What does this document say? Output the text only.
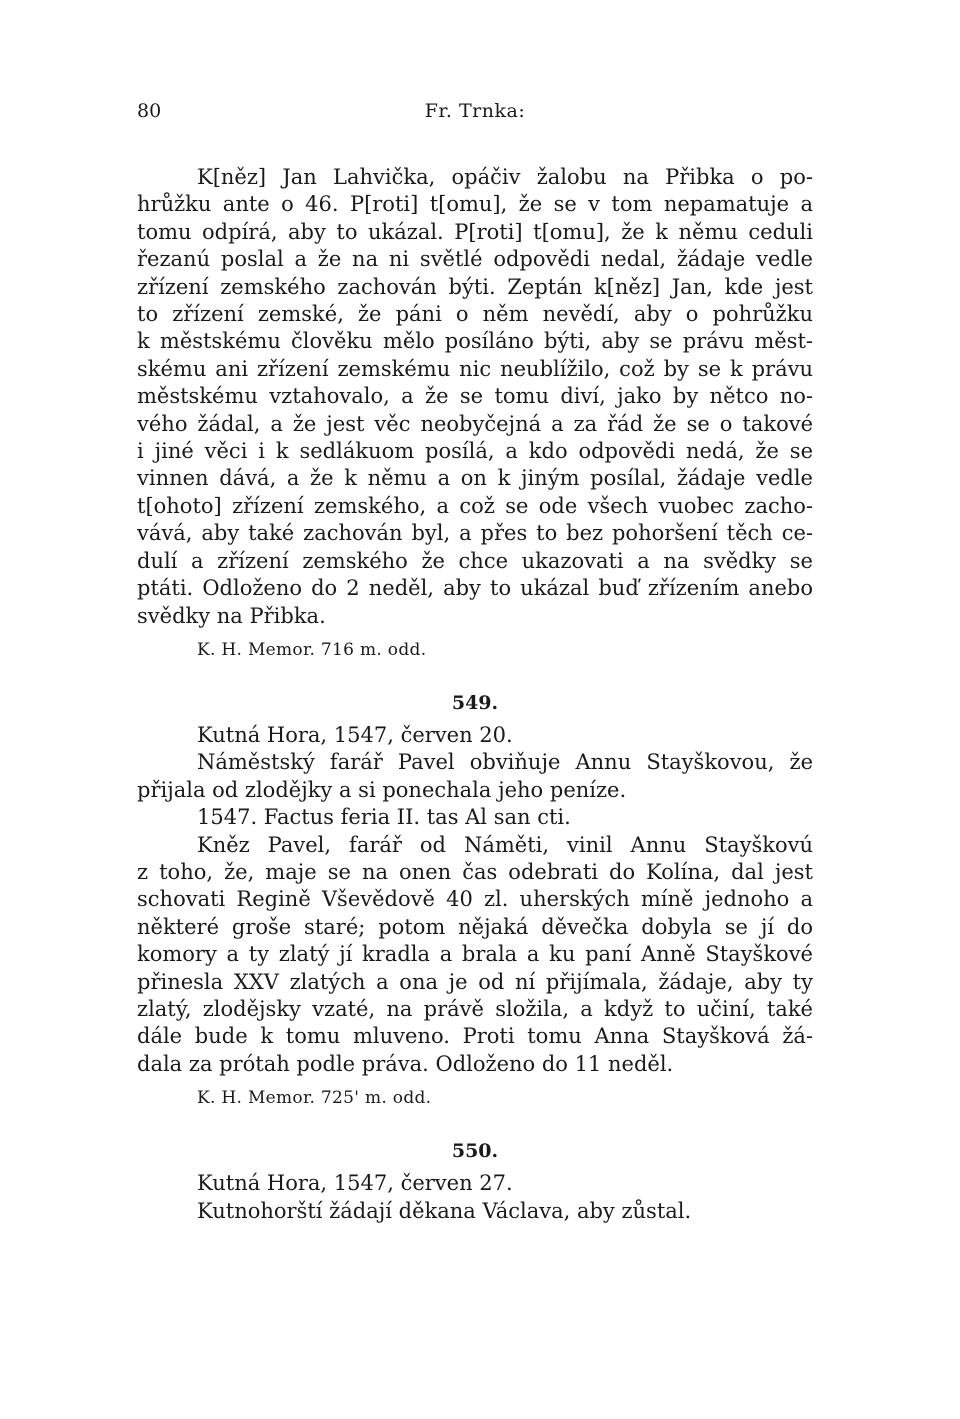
80	Fr. Trnka:
K[něz] Jan Lahvička, opáčiv žalobu na Přibka o po-
hrůžku ante o 46. P[roti] t[omu], že se v tom nepamatuje a
tomu odpírá, aby to ukázal. P[roti] t[omu], že k němu ceduli
řezanú poslal a že na ni světlé odpovědi nedal, žádaje vedle
zřízení zemského zachován býti. Zeptán k[něz] Jan, kde jest
to zřízení zemské, že páni o něm nevědí, aby o pohrůžku
k městskému člověku mělo posíláno býti, aby se právu měst-
skému ani zřízení zemskému nic neublížilo, což by se k právu
městskému vztahovalo, a že se tomu diví, jako by nětco no-
vého žádal, a že jest věc neobyčejná a za řád že se o takové
i jiné věci i k sedlákuom posílá, a kdo odpovědi nedá, že se
vinnen dává, a že k němu a on k jiným posílal, žádaje vedle
t[ohoto] zřízení zemského, a což se ode všech vuobec zacho-
vává, aby také zachován byl, a přes to bez pohoršení těch ce-
dulí a zřízení zemského že chce ukazovati a na svědky se
ptáti. Odloženo do 2 neděl, aby to ukázal buď zřízením anebo
svědky na Přibka.
K. H. Memor. 716 m. odd.
549.
Kutná Hora, 1547, červen 20.
Náměstský farář Pavel obviňuje Annu Stayškovou, že
přijala od zlodějky a si ponechala jeho peníze.
1547. Factus feria II. tas Al san cti.
Kněz Pavel, farář od Náměti, vinil Annu Stayškovú
z toho, že, maje se na onen čas odebrati do Kolína, dal jest
schovati Regině Vševědově 40 zl. uherských míně jednoho a
některé groše staré; potom nějaká děvečka dobyla se jí do
komory a ty zlatý jí kradla a brala a ku paní Anně Stayškové
přinesla XXV zlatých a ona je od ní přijímala, žádaje, aby ty
zlatý, zlodějsky vzaté, na právě složila, a když to učiní, také
dále bude k tomu mluveno. Proti tomu Anna Stayšková žá-
dala za prótah podle práva. Odloženo do 11 neděl.
K. H. Memor. 725' m. odd.
550.
Kutná Hora, 1547, červen 27.
Kutnohorští žádají děkana Václava, aby zůstal.
